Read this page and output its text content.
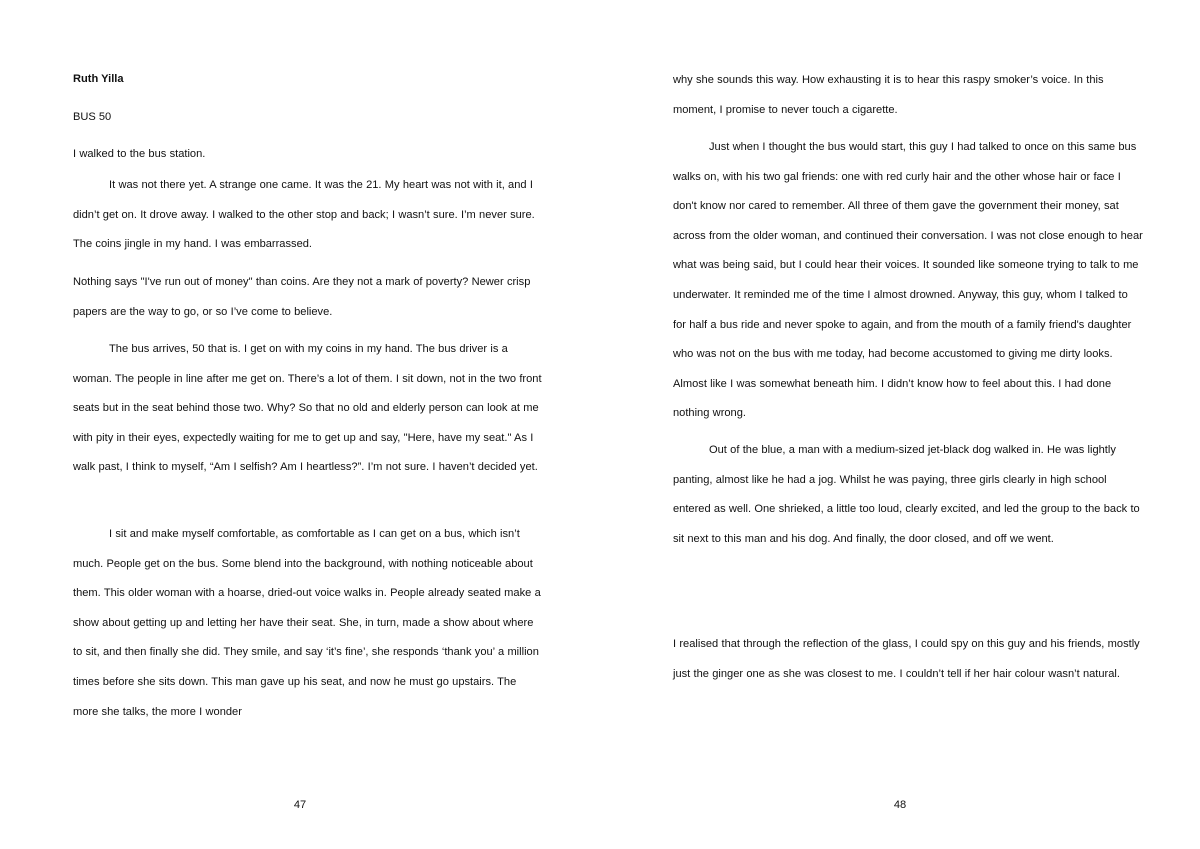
Ruth Yilla
BUS 50

I walked to the bus station.

It was not there yet. A strange one came. It was the 21. My heart was not with it, and I didn’t get on. It drove away. I walked to the other stop and back; I wasn’t sure. I’m never sure. The coins jingle in my hand. I was embarrassed.

Nothing says "I've run out of money" than coins. Are they not a mark of poverty? Newer crisp papers are the way to go, or so I’ve come to believe.

The bus arrives, 50 that is. I get on with my coins in my hand. The bus driver is a woman. The people in line after me get on. There’s a lot of them. I sit down, not in the two front seats but in the seat behind those two. Why? So that no old and elderly person can look at me with pity in their eyes, expectedly waiting for me to get up and say, "Here, have my seat." As I walk past, I think to myself, “Am I selfish? Am I heartless?”. I’m not sure. I haven’t decided yet.

I sit and make myself comfortable, as comfortable as I can get on a bus, which isn’t much. People get on the bus. Some blend into the background, with nothing noticeable about them. This older woman with a hoarse, dried-out voice walks in. People already seated make a show about getting up and letting her have their seat. She, in turn, made a show about where to sit, and then finally she did. They smile, and say ‘it’s fine’, she responds ‘thank you’ a million times before she sits down. This man gave up his seat, and now he must go upstairs. The more she talks, the more I wonder

47

why she sounds this way. How exhausting it is to hear this raspy smoker’s voice. In this moment, I promise to never touch a cigarette.

Just when I thought the bus would start, this guy I had talked to once on this same bus walks on, with his two gal friends: one with red curly hair and the other whose hair or face I don't know nor cared to remember. All three of them gave the government their money, sat across from the older woman, and continued their conversation. I was not close enough to hear what was being said, but I could hear their voices. It sounded like someone trying to talk to me underwater. It reminded me of the time I almost drowned. Anyway, this guy, whom I talked to for half a bus ride and never spoke to again, and from the mouth of a family friend's daughter who was not on the bus with me today, had become accustomed to giving me dirty looks. Almost like I was somewhat beneath him. I didn’t know how to feel about this. I had done nothing wrong.

Out of the blue, a man with a medium-sized jet-black dog walked in. He was lightly panting, almost like he had a jog. Whilst he was paying, three girls clearly in high school entered as well. One shrieked, a little too loud, clearly excited, and led the group to the back to sit next to this man and his dog. And finally, the door closed, and off we went.

I realised that through the reflection of the glass, I could spy on this guy and his friends, mostly just the ginger one as she was closest to me. I couldn’t tell if her hair colour wasn’t natural.

48
